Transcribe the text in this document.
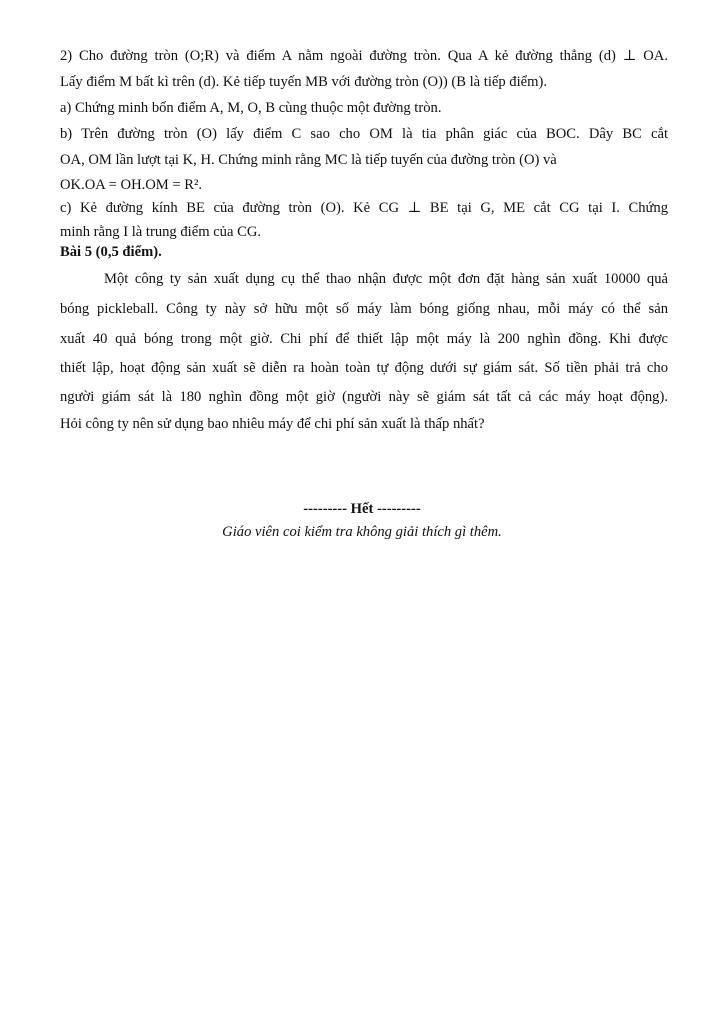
2) Cho đường tròn (O;R) và điểm A nằm ngoài đường tròn. Qua A kẻ đường thẳng (d) ⊥ OA.
Lấy điểm M bất kì trên (d). Kẻ tiếp tuyến MB với đường tròn (O)) (B là tiếp điểm).
a) Chứng minh bốn điểm A, M, O, B cùng thuộc một đường tròn.
b) Trên đường tròn (O) lấy điểm C sao cho OM là tia phân giác của BOC. Dây BC cắt
OA, OM lần lượt tại K, H. Chứng minh rằng MC là tiếp tuyến của đường tròn (O) và
OK.OA = OH.OM = R².
c) Kẻ đường kính BE của đường tròn (O). Kẻ CG ⊥ BE tại G, ME cắt CG tại I. Chứng
minh rằng I là trung điểm của CG.
Bài 5 (0,5 điểm).
Một công ty sản xuất dụng cụ thể thao nhận được một đơn đặt hàng sản xuất 10000 quả
bóng pickleball. Công ty này sở hữu một số máy làm bóng giống nhau, mỗi máy có thể sản
xuất 40 quả bóng trong một giờ. Chi phí để thiết lập một máy là 200 nghìn đồng. Khi được
thiết lập, hoạt động sản xuất sẽ diễn ra hoàn toàn tự động dưới sự giám sát. Số tiền phải trả cho
người giám sát là 180 nghìn đồng một giờ (người này sẽ giám sát tất cả các máy hoạt động).
Hỏi công ty nên sử dụng bao nhiêu máy để chi phí sản xuất là thấp nhất?
--------- Hết ---------
Giáo viên coi kiểm tra không giải thích gì thêm.
